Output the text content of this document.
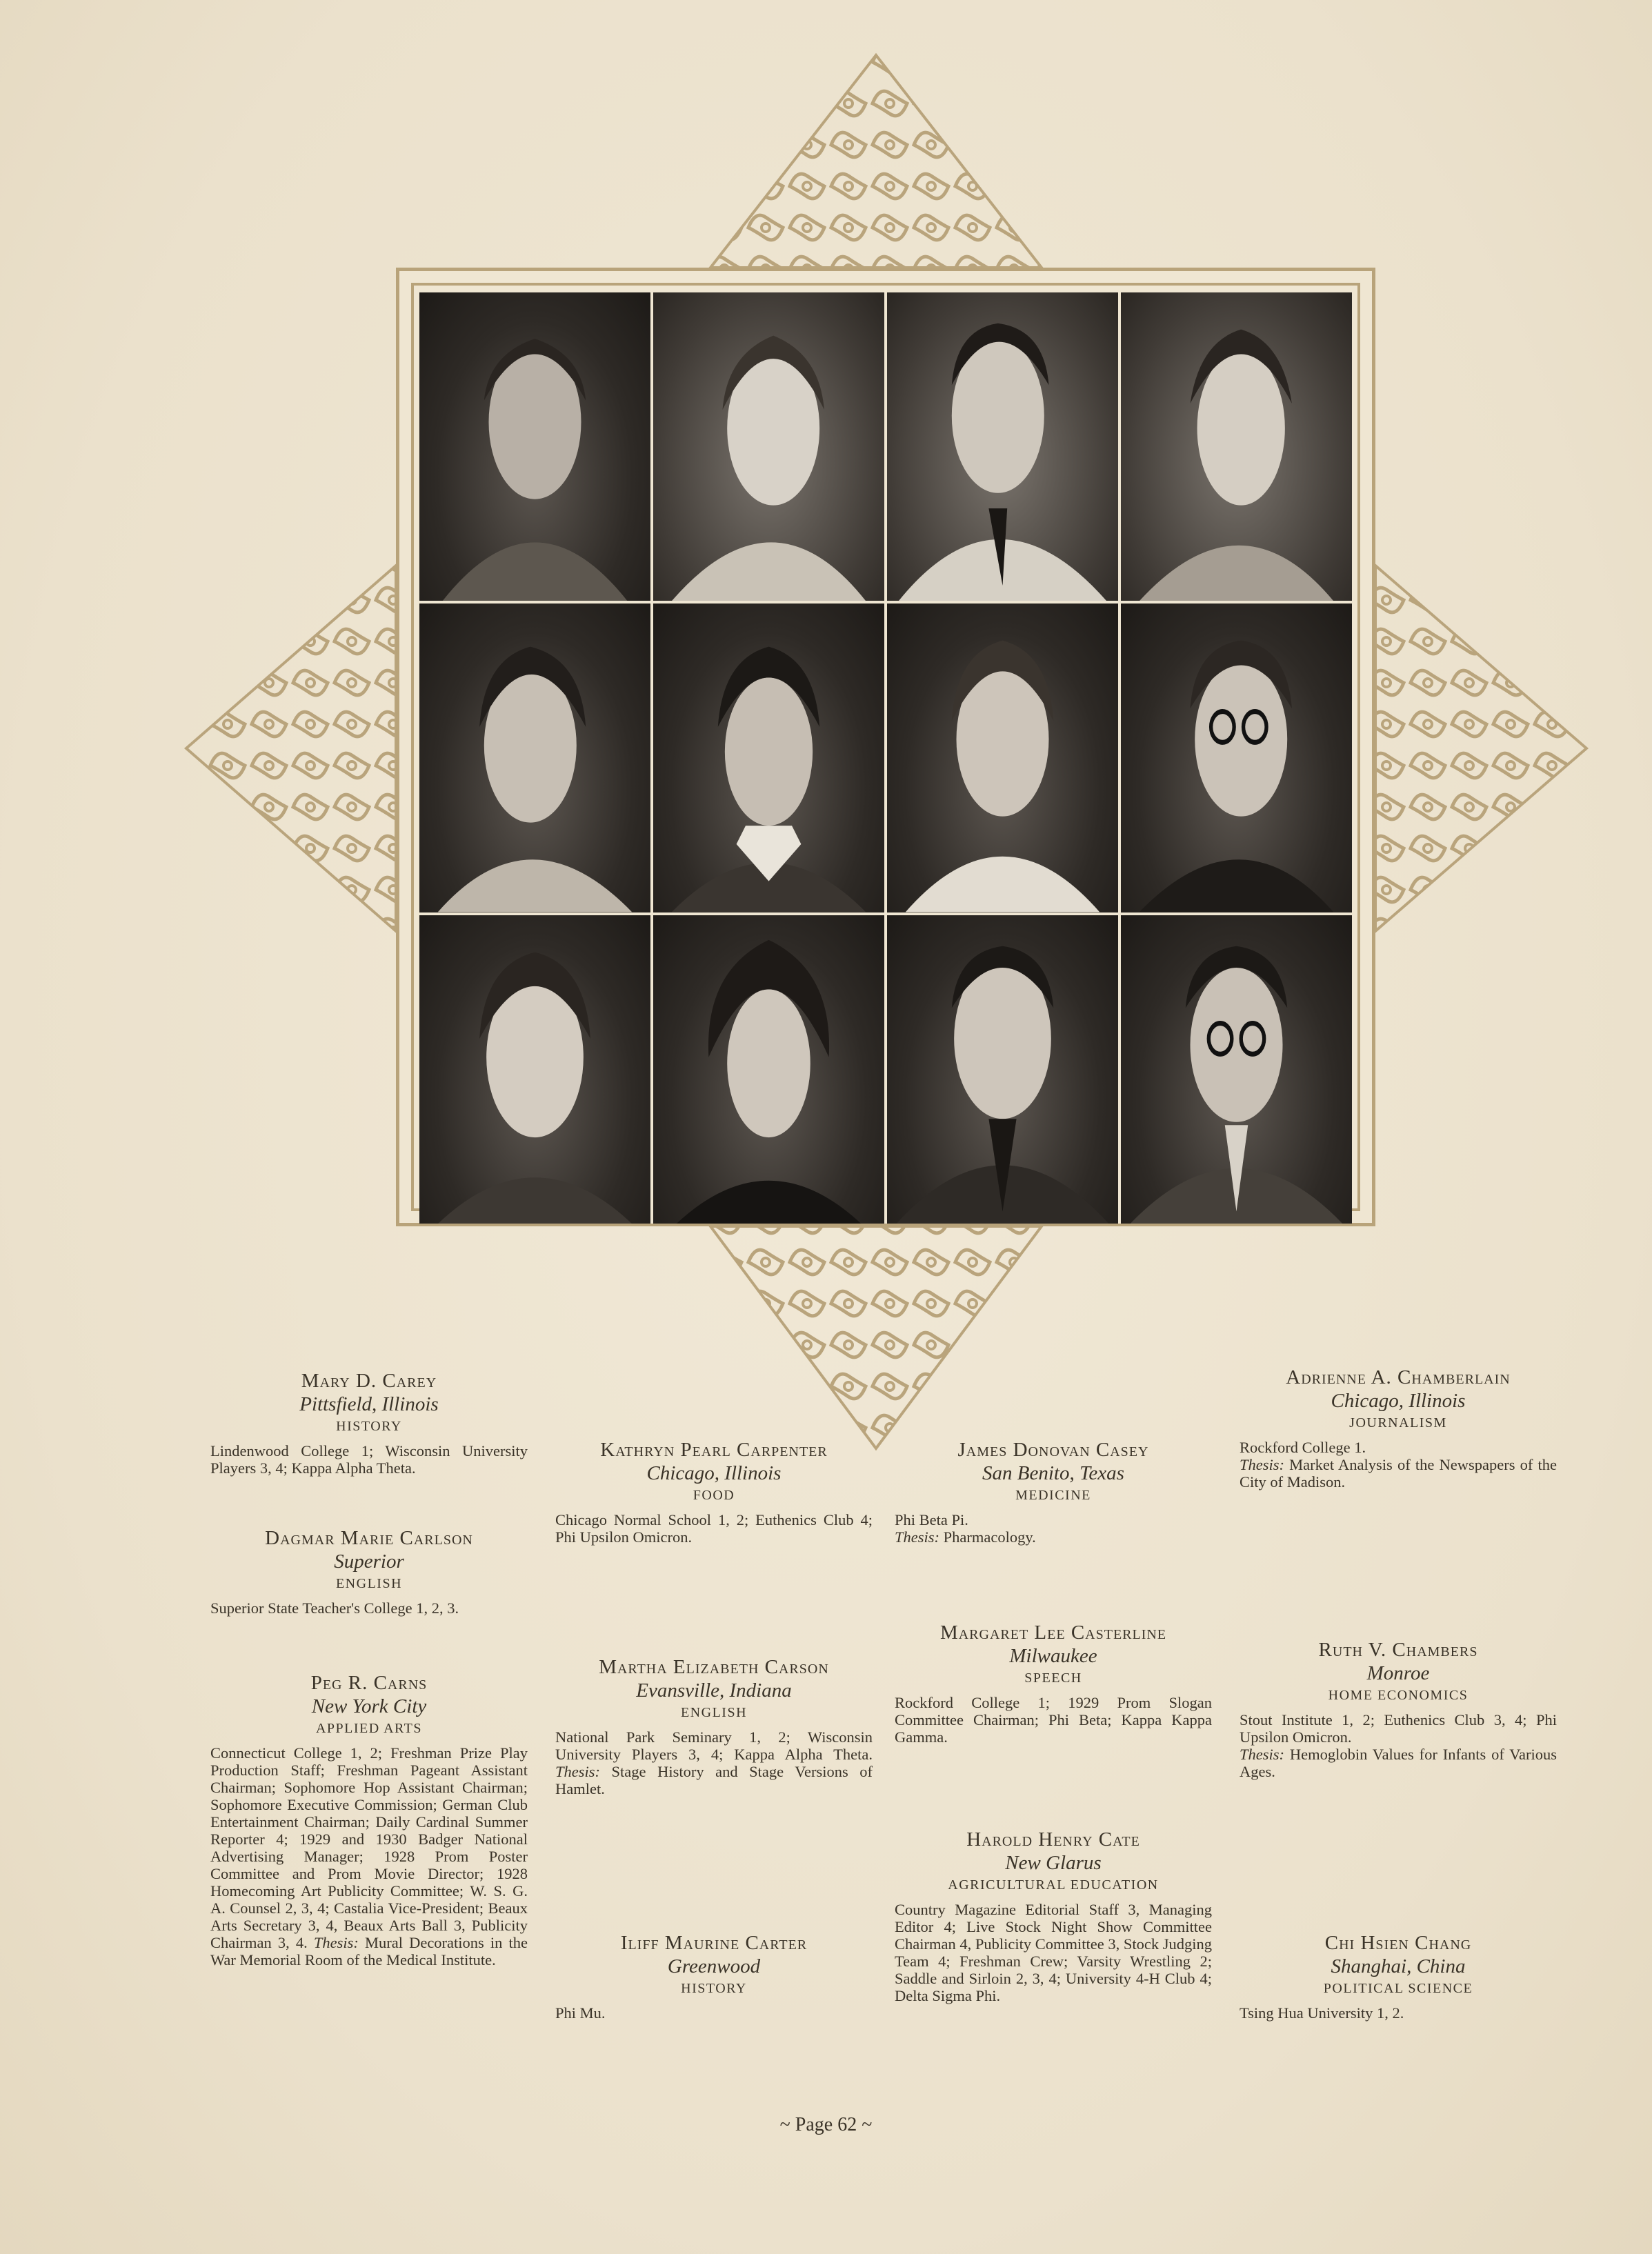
Mary D. Carey
Pittsfield, Illinois
HISTORY
Lindenwood College 1; Wisconsin University Players 3, 4; Kappa Alpha Theta.
Dagmar Marie Carlson
Superior
ENGLISH
Superior State Teacher's College 1, 2, 3.
Peg R. Carns
New York City
APPLIED ARTS
Connecticut College 1, 2; Freshman Prize Play Production Staff; Freshman Pageant Assistant Chairman; Sophomore Hop Assistant Chairman; Sophomore Executive Commission; German Club Entertainment Chairman; Daily Cardinal Summer Reporter 4; 1929 and 1930 Badger National Advertising Manager; 1928 Prom Poster Committee and Prom Movie Director; 1928 Homecoming Art Publicity Committee; W. S. G. A. Counsel 2, 3, 4; Castalia Vice-President; Beaux Arts Secretary 3, 4, Beaux Arts Ball 3, Publicity Chairman 3, 4. Thesis: Mural Decorations in the War Memorial Room of the Medical Institute.
Kathryn Pearl Carpenter
Chicago, Illinois
FOOD
Chicago Normal School 1, 2; Euthenics Club 4; Phi Upsilon Omicron.
Martha Elizabeth Carson
Evansville, Indiana
ENGLISH
National Park Seminary 1, 2; Wisconsin University Players 3, 4; Kappa Alpha Theta. Thesis: Stage History and Stage Versions of Hamlet.
Iliff Maurine Carter
Greenwood
HISTORY
Phi Mu.
James Donovan Casey
San Benito, Texas
MEDICINE
Phi Beta Pi.
Thesis: Pharmacology.
Margaret Lee Casterline
Milwaukee
SPEECH
Rockford College 1; 1929 Prom Slogan Committee Chairman; Phi Beta; Kappa Kappa Gamma.
Harold Henry Cate
New Glarus
AGRICULTURAL EDUCATION
Country Magazine Editorial Staff 3, Managing Editor 4; Live Stock Night Show Committee Chairman 4, Publicity Committee 3, Stock Judging Team 4; Freshman Crew; Varsity Wrestling 2; Saddle and Sirloin 2, 3, 4; University 4-H Club 4; Delta Sigma Phi.
Adrienne A. Chamberlain
Chicago, Illinois
JOURNALISM
Rockford College 1.
Thesis: Market Analysis of the Newspapers of the City of Madison.
Ruth V. Chambers
Monroe
HOME ECONOMICS
Stout Institute 1, 2; Euthenics Club 3, 4; Phi Upsilon Omicron.
Thesis: Hemoglobin Values for Infants of Various Ages.
Chi Hsien Chang
Shanghai, China
POLITICAL SCIENCE
Tsing Hua University 1, 2.
~ Page 62 ~
